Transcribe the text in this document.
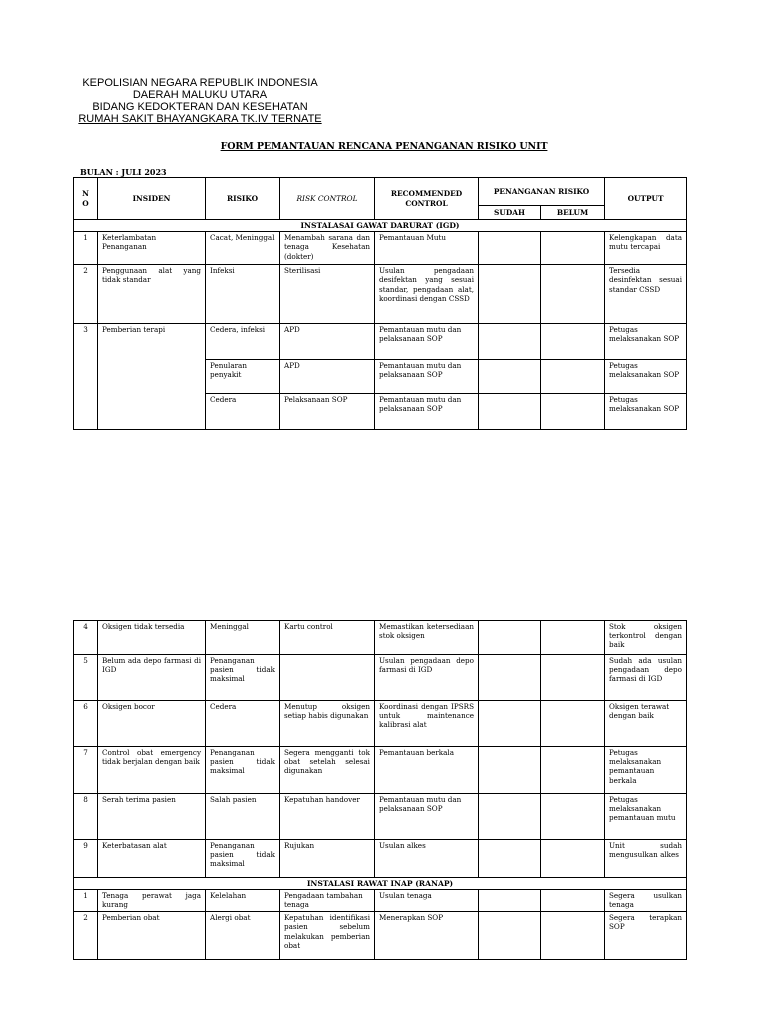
KEPOLISIAN NEGARA REPUBLIK INDONESIA
DAERAH MALUKU UTARA
BIDANG KEDOKTERAN DAN KESEHATAN
RUMAH SAKIT BHAYANGKARA TK.IV TERNATE
FORM PEMANTAUAN RENCANA PENANGANAN RISIKO UNIT
BULAN : JULI 2023
N O	INSIDEN	RISIKO	RISK CONTROL	RECOMMENDED CONTROL	PENANGANAN RISIKO		OUTPUT
					SUDAH	BELUM	
INSTALASAI GAWAT DARURAT (IGD)							
1	Keterlambatan Penanganan	Cacat, Meninggal	Menambah sarana dan tenaga Kesehatan (dokter)	Pemantauan Mutu			Kelengkapan data mutu tercapai
2	Penggunaan alat yang tidak standar	Infeksi	Sterilisasi	Usulan pengadaan desifektan yang sesuai standar, pengadaan alat, koordinasi dengan CSSD			Tersedia desinfektan sesuai standar CSSD
3	Pemberian terapi	Cedera, infeksi	APD	Pemantauan mutu dan pelaksanaan SOP			Petugas melaksanakan SOP
		Penularan penyakit	APD	Pemantauan mutu dan pelaksanaan SOP			Petugas melaksanakan SOP
		Cedera	Pelaksanaan SOP	Pemantauan mutu dan pelaksanaan SOP			Petugas melaksanakan SOP
4	Oksigen tidak tersedia	Meninggal	Kartu control	Memastikan ketersediaan stok oksigen			Stok oksigen terkontrol dengan baik
5	Belum ada depo farmasi di IGD	Penanganan pasien tidak maksimal		Usulan pengadaan depo farmasi di IGD			Sudah ada usulan pengadaan depo farmasi di IGD
6	Oksigen bocor	Cedera	Menutup oksigen setiap habis digunakan	Koordinasi dengan IPSRS untuk maintenance kalibrasi alat			Oksigen terawat dengan baik
7	Control obat emergency tidak berjalan dengan baik	Penanganan pasien tidak maksimal	Segera mengganti tok obat setelah selesai digunakan	Pemantauan berkala			Petugas melaksanakan pemantauan berkala
8	Serah terima pasien	Salah pasien	Kepatuhan handover	Pemantauan mutu dan pelaksanaan SOP			Petugas melaksanakan pemantauan mutu
9	Keterbatasan alat	Penanganan pasien tidak maksimal	Rujukan	Usulan alkes			Unit sudah mengusulkan alkes
INSTALASI RAWAT INAP (RANAP)							
1	Tenaga perawat jaga kurang	Kelelahan	Pengadaan tambahan tenaga	Usulan tenaga			Segera usulkan tenaga
2	Pemberian obat	Alergi obat	Kepatuhan identifikasi pasien sebelum melakukan pemberian obat	Menerapkan SOP			Segera terapkan SOP
